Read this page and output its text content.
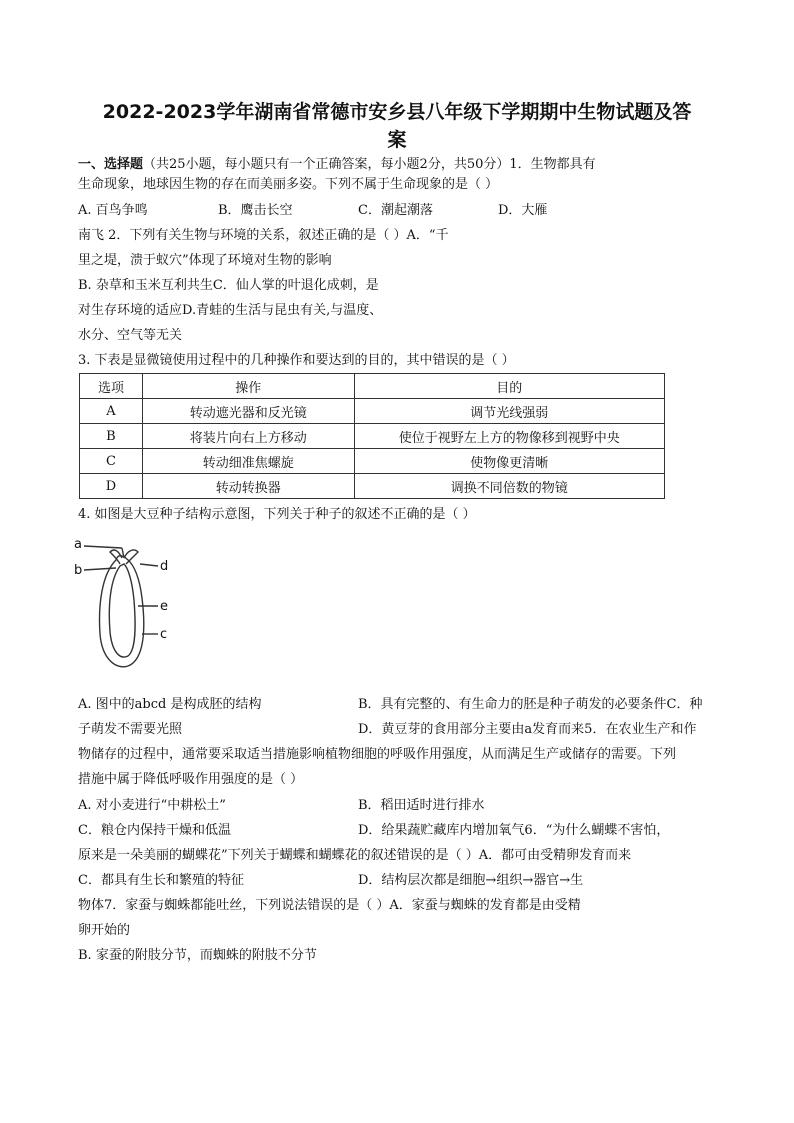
2022-2023学年湖南省常德市安乡县八年级下学期期中生物试题及答
案
一、选择题（共25小题，每小题只有一个正确答案，每小题2分，共50分）1．生物都具有
生命现象，地球因生物的存在而美丽多姿。下列不属于生命现象的是（ ）
A. 百鸟争鸣	B．鹰击长空	C．潮起潮落	D．大雁
南飞 2．下列有关生物与环境的关系，叙述正确的是（ ）A．“千
里之堤，溃于蚁穴”体现了环境对生物的影响
B. 杂草和玉米互利共生C．仙人掌的叶退化成刺，是
对生存环境的适应D.青蛙的生活与昆虫有关,与温度、
水分、空气等无关
3. 下表是显微镜使用过程中的几种操作和要达到的目的，其中错误的是（ ）
选项	操作	目的
A	转动遮光器和反光镜	调节光线强弱
B	将装片向右上方移动	使位于视野左上方的物像移到视野中央
C	转动细准焦螺旋	使物像更清晰
D	转动转换器	调换不同倍数的物镜
4. 如图是大豆种子结构示意图，下列关于种子的叙述不正确的是（ ）
a
b	d
e
c
A. 图中的abcd 是构成胚的结构	B．具有完整的、有生命力的胚是种子萌发的必要条件C．种
子萌发不需要光照	D．黄豆芽的食用部分主要由a发育而来5．在农业生产和作
物储存的过程中，通常要采取适当措施影响植物细胞的呼吸作用强度，从而满足生产或储存的需要。下列
措施中属于降低呼吸作用强度的是（ ）
A. 对小麦进行“中耕松土”	B．稻田适时进行排水
C．粮仓内保持干燥和低温	D．给果蔬贮藏库内增加氧气6．“为什么蝴蝶不害怕，
原来是一朵美丽的蝴蝶花”下列关于蝴蝶和蝴蝶花的叙述错误的是（ ）A．都可由受精卵发育而来
C．都具有生长和繁殖的特征	D．结构层次都是细胞→组织→器官→生
物体7．家蚕与蜘蛛都能吐丝，下列说法错误的是（ ）A．家蚕与蜘蛛的发育都是由受精
卵开始的
B. 家蚕的附肢分节，而蜘蛛的附肢不分节
